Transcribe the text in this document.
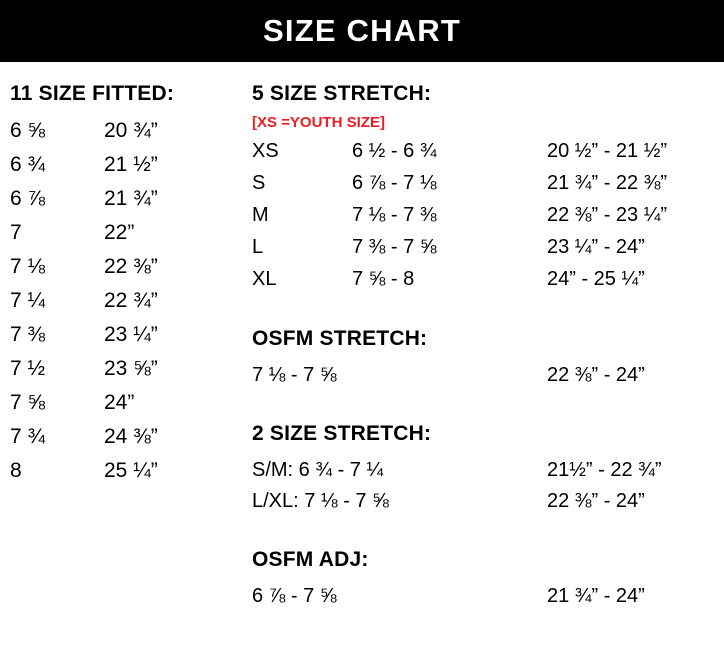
SIZE CHART
11 SIZE FITTED:
6 ⅝	20 ¾”
6 ¾	21 ½”
6 ⅞	21 ¾”
7	22”
7 ⅛	22 ⅜”
7 ¼	22 ¾”
7 ⅜	23 ¼”
7 ½	23 ⅝”
7 ⅝	24”
7 ¾	24 ⅜”
8	25 ¼”
5 SIZE STRETCH:
[XS =YOUTH SIZE]
XS	6 ½ - 6 ¾	20 ½” - 21 ½”
S	6 ⅞ - 7 ⅛	21 ¾” - 22 ⅜”
M	7 ⅛ - 7 ⅜	22 ⅜” - 23 ¼”
L	7 ⅜ - 7 ⅝	23 ¼” - 24”
XL	7 ⅝ - 8	24” - 25 ¼”
OSFM STRETCH:
7 ⅛ - 7 ⅝	22 ⅜” - 24”
2 SIZE STRETCH:
S/M: 6 ¾ - 7 ¼	21½” - 22 ¾”
L/XL: 7 ⅛ - 7 ⅝	22 ⅜” - 24”
OSFM ADJ:
6 ⅞ - 7 ⅝	21 ¾” - 24”
